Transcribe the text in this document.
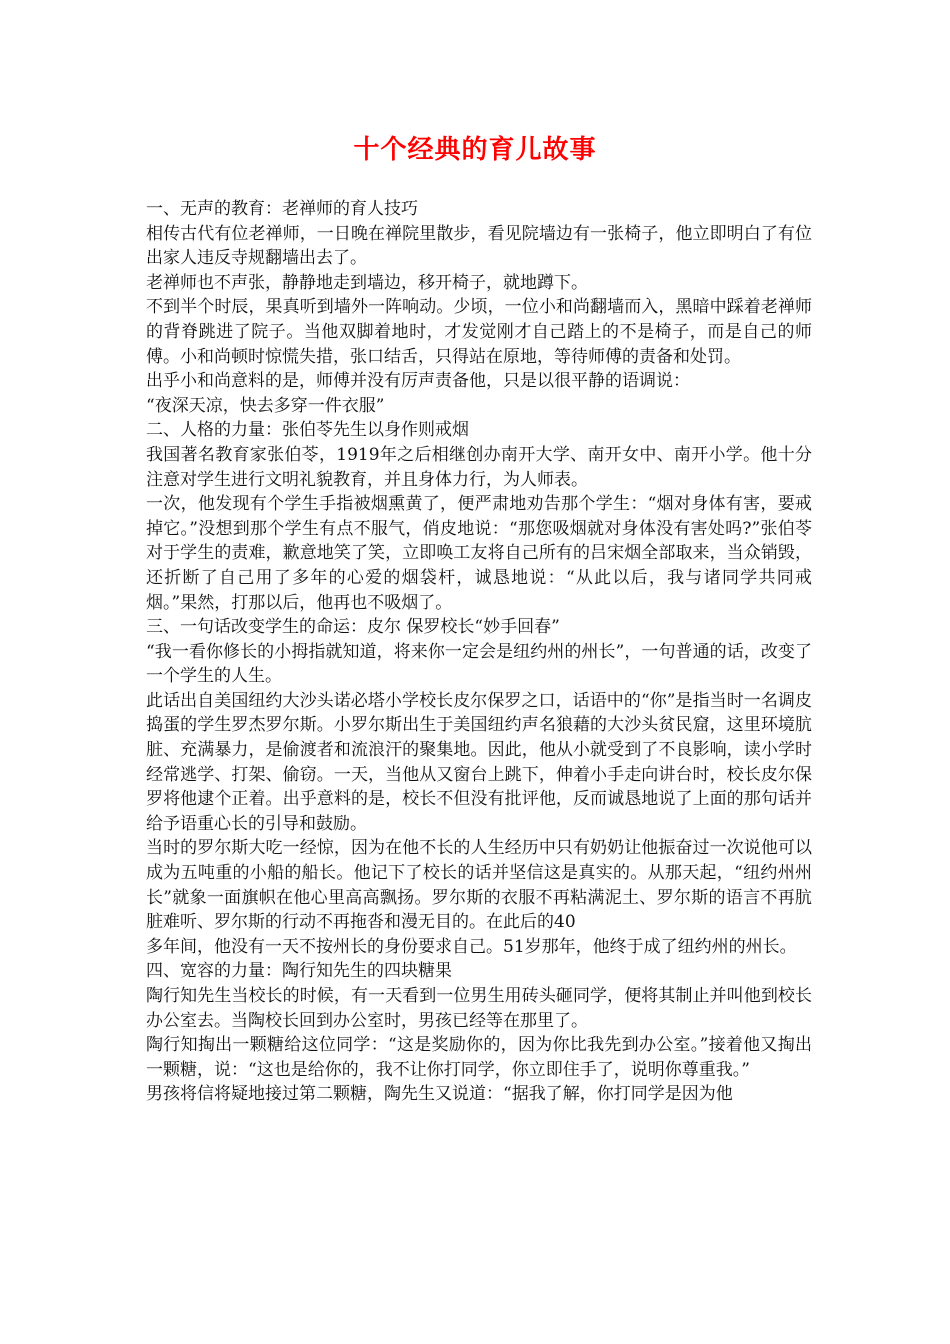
十个经典的育儿故事

一、无声的教育：老禅师的育人技巧

相传古代有位老禅师，一日晚在禅院里散步，看见院墙边有一张椅子，他立即明白了有位出家人违反寺规翻墙出去了。

老禅师也不声张，静静地走到墙边，移开椅子，就地蹲下。

不到半个时辰，果真听到墙外一阵响动。少顷，一位小和尚翻墙而入，黑暗中踩着老禅师的背脊跳进了院子。当他双脚着地时，才发觉刚才自己踏上的不是椅子，而是自己的师傅。小和尚顿时惊慌失措，张口结舌，只得站在原地，等待师傅的责备和处罚。

出乎小和尚意料的是，师傅并没有厉声责备他，只是以很平静的语调说：

“夜深天凉，快去多穿一件衣服”

二、人格的力量：张伯苓先生以身作则戒烟

我国著名教育家张伯苓，1919年之后相继创办南开大学、南开女中、南开小学。他十分注意对学生进行文明礼貌教育，并且身体力行，为人师表。

一次，他发现有个学生手指被烟熏黄了，便严肃地劝告那个学生：“烟对身体有害，要戒掉它。”没想到那个学生有点不服气，俏皮地说：“那您吸烟就对身体没有害处吗?”张伯苓对于学生的责难，歉意地笑了笑，立即唤工友将自己所有的吕宋烟全部取来，当众销毁，还折断了自己用了多年的心爱的烟袋杆，诚恳地说：“从此以后，我与诸同学共同戒烟。”果然，打那以后，他再也不吸烟了。

三、一句话改变学生的命运：皮尔 保罗校长“妙手回春”

“我一看你修长的小拇指就知道，将来你一定会是纽约州的州长”，一句普通的话，改变了一个学生的人生。

此话出自美国纽约大沙头诺必塔小学校长皮尔保罗之口，话语中的“你”是指当时一名调皮捣蛋的学生罗杰罗尔斯。小罗尔斯出生于美国纽约声名狼藉的大沙头贫民窟，这里环境肮脏、充满暴力，是偷渡者和流浪汗的聚集地。因此，他从小就受到了不良影响，读小学时经常逃学、打架、偷窃。一天，当他从又窗台上跳下，伸着小手走向讲台时，校长皮尔保罗将他逮个正着。出乎意料的是，校长不但没有批评他，反而诚恳地说了上面的那句话并给予语重心长的引导和鼓励。

当时的罗尔斯大吃一经惊，因为在他不长的人生经历中只有奶奶让他振奋过一次说他可以成为五吨重的小船的船长。他记下了校长的话并坚信这是真实的。从那天起，“纽约州州长”就象一面旗帜在他心里高高飘扬。罗尔斯的衣服不再粘满泥土、罗尔斯的语言不再肮脏难听、罗尔斯的行动不再拖沓和漫无目的。在此后的40

多年间，他没有一天不按州长的身份要求自己。51岁那年，他终于成了纽约州的州长。

四、宽容的力量：陶行知先生的四块糖果

陶行知先生当校长的时候，有一天看到一位男生用砖头砸同学，便将其制止并叫他到校长办公室去。当陶校长回到办公室时，男孩已经等在那里了。

陶行知掏出一颗糖给这位同学：“这是奖励你的，因为你比我先到办公室。”接着他又掏出一颗糖，说：“这也是给你的，我不让你打同学，你立即住手了，说明你尊重我。”

男孩将信将疑地接过第二颗糖，陶先生又说道：“据我了解，你打同学是因为他
